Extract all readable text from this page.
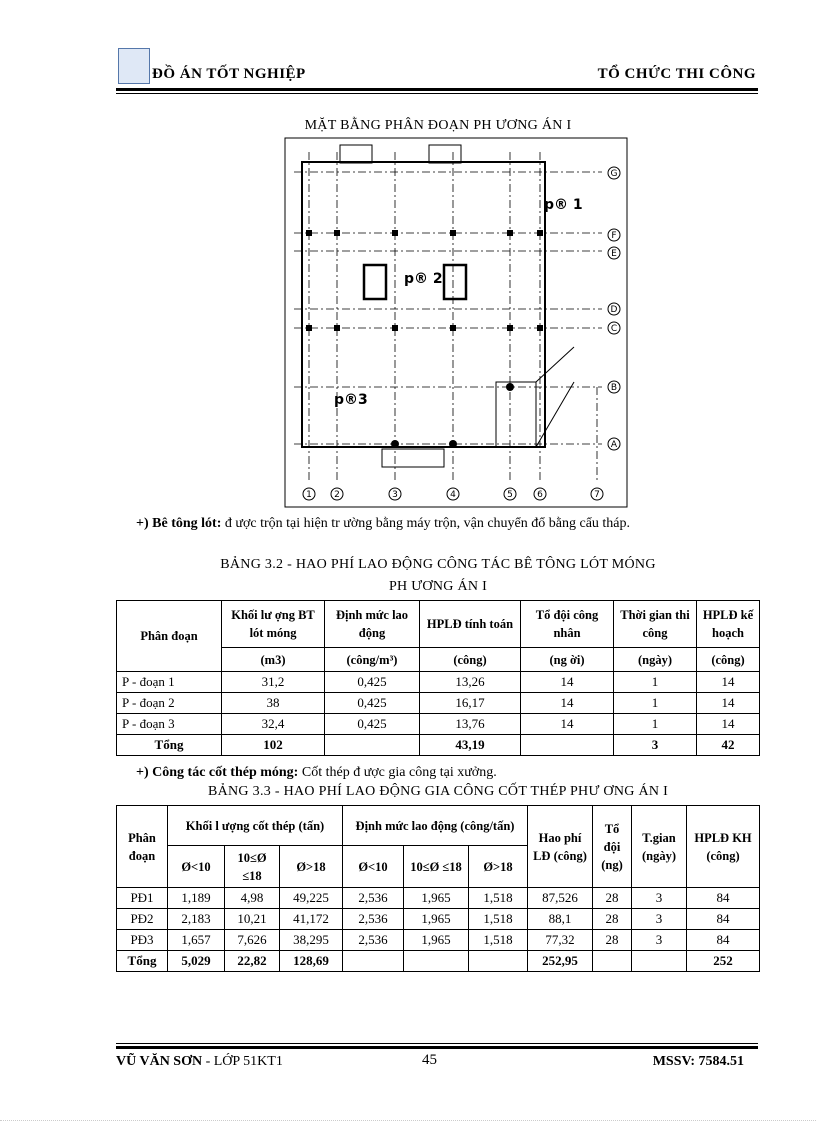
ĐỒ ÁN TỐT NGHIỆP	TỔ CHỨC THI CÔNG
MẶT BẰNG PHÂN ĐOẠN PH ƯƠNG ÁN I
p® 1
p® 2
p®3
G
F
E
D
C
B
A
1 2	3	4	5	6	7
+) Bê tông lót: đ ược trộn tại hiện tr ường bằng máy trộn, vận chuyển đổ bằng cẩu tháp.
BẢNG 3.2 - HAO PHÍ LAO ĐỘNG CÔNG TÁC BÊ TÔNG LÓT MÓNG
PH ƯƠNG ÁN I
Phân đoạn	Khối lư ợng BT lót móng	Định mức lao động	HPLĐ tính toán	Tổ đội công nhân	Thời gian thi công	HPLĐ kế hoạch
	(m3)	(công/m³)	(công)	(ng ời)	(ngày)	(công)
P - đoạn 1	31,2	0,425	13,26	14	1	14
P - đoạn 2	38	0,425	16,17	14	1	14
P - đoạn 3	32,4	0,425	13,76	14	1	14
Tổng	102		43,19		3	42
+) Công tác cốt thép móng: Cốt thép đ ược gia công tại xưởng.
BẢNG 3.3 - HAO PHÍ LAO ĐỘNG GIA CÔNG CỐT THÉP PHƯ ƠNG ÁN I
Phân đoạn	Khối l ượng cốt thép (tấn)			Định mức lao động (công/tấn)			Hao phí LĐ (công)	Tổ đội (ng)	T.gian (ngày)	HPLĐ KH (công)
	Ø<10	10≤Ø ≤18	Ø>18	Ø<10	10≤Ø ≤18	Ø>18				
PĐ1	1,189	4,98	49,225	2,536	1,965	1,518	87,526	28	3	84
PĐ2	2,183	10,21	41,172	2,536	1,965	1,518	88,1	28	3	84
PĐ3	1,657	7,626	38,295	2,536	1,965	1,518	77,32	28	3	84
Tổng	5,029	22,82	128,69				252,95			252
VŨ VĂN SƠN - LỚP 51KT1	45	MSSV: 7584.51
